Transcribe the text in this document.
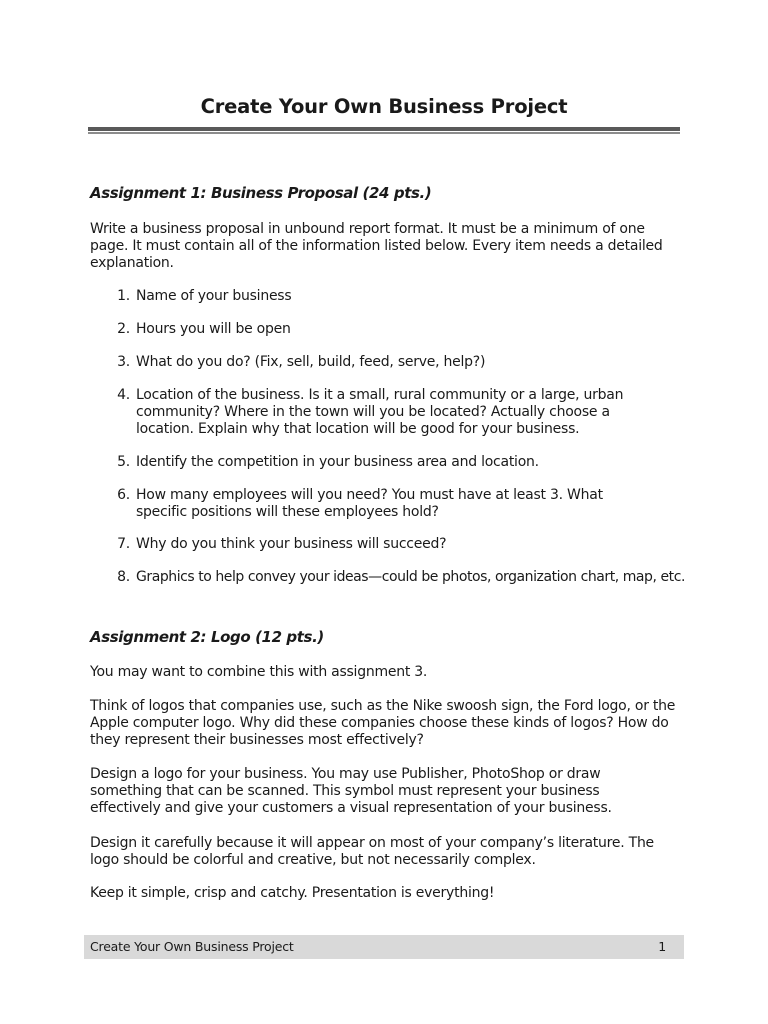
Create Your Own Business Project
Assignment 1: Business Proposal (24 pts.)
Write a business proposal in unbound report format. It must be a minimum of one page. It must contain all of the information listed below. Every item needs a detailed explanation.
1. Name of your business
2. Hours you will be open
3. What do you do? (Fix, sell, build, feed, serve, help?)
4. Location of the business. Is it a small, rural community or a large, urban community? Where in the town will you be located? Actually choose a location. Explain why that location will be good for your business.
5. Identify the competition in your business area and location.
6. How many employees will you need? You must have at least 3. What specific positions will these employees hold?
7. Why do you think your business will succeed?
8. Graphics to help convey your ideas—could be photos, organization chart, map, etc.
Assignment 2: Logo (12 pts.)
You may want to combine this with assignment 3.
Think of logos that companies use, such as the Nike swoosh sign, the Ford logo, or the Apple computer logo. Why did these companies choose these kinds of logos? How do they represent their businesses most effectively?
Design a logo for your business. You may use Publisher, PhotoShop or draw something that can be scanned. This symbol must represent your business effectively and give your customers a visual representation of your business.
Design it carefully because it will appear on most of your company’s literature. The logo should be colorful and creative, but not necessarily complex.
Keep it simple, crisp and catchy. Presentation is everything!
Create Your Own Business Project	1
